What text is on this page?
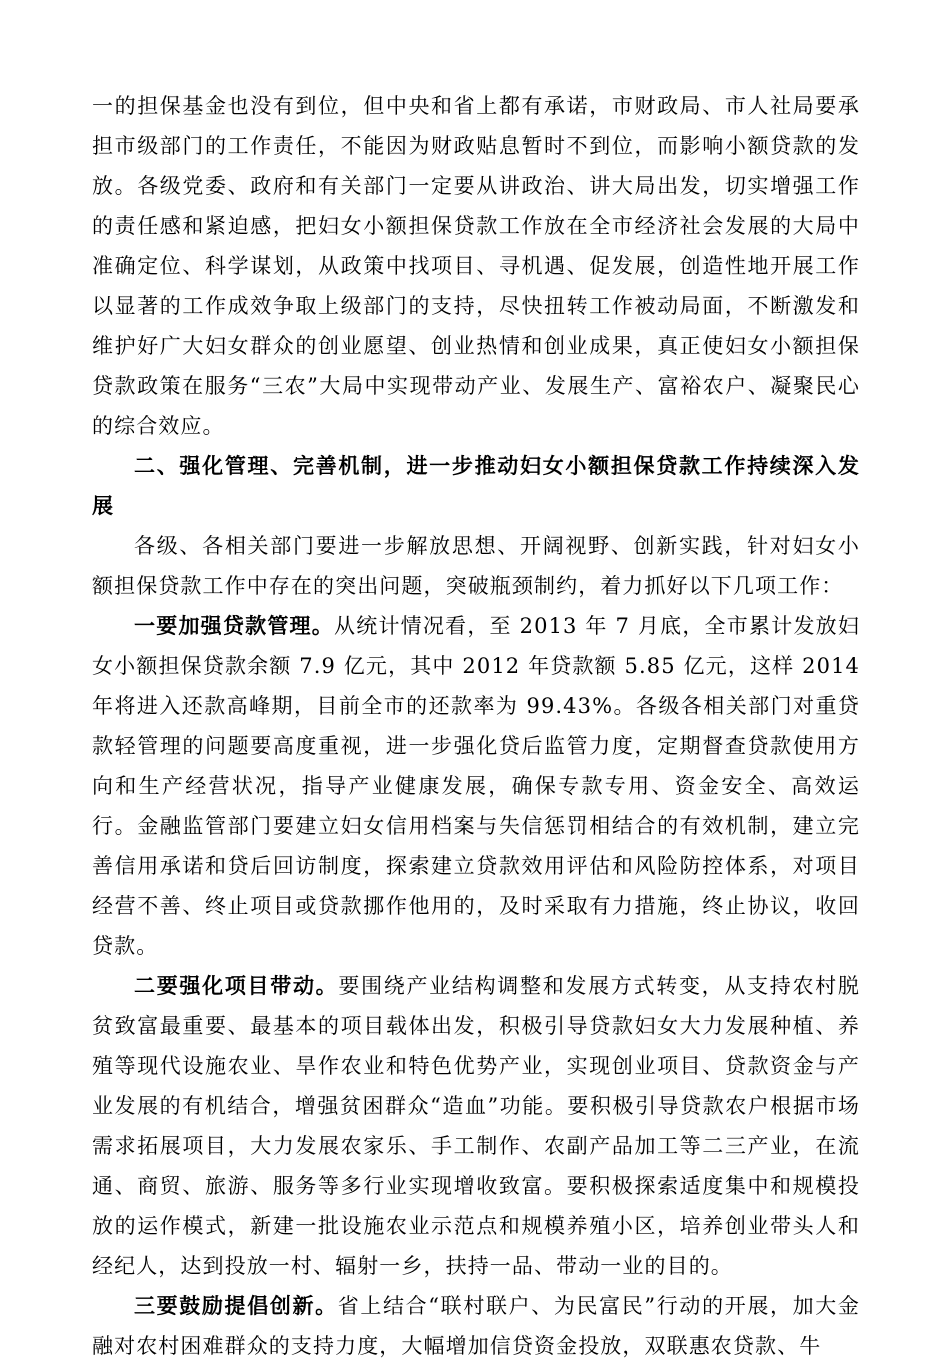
一的担保基金也没有到位，但中央和省上都有承诺，市财政局、市人社局要承担市级部门的工作责任，不能因为财政贴息暂时不到位，而影响小额贷款的发放。各级党委、政府和有关部门一定要从讲政治、讲大局出发，切实增强工作的责任感和紧迫感，把妇女小额担保贷款工作放在全市经济社会发展的大局中准确定位、科学谋划，从政策中找项目、寻机遇、促发展，创造性地开展工作以显著的工作成效争取上级部门的支持，尽快扭转工作被动局面，不断激发和维护好广大妇女群众的创业愿望、创业热情和创业成果，真正使妇女小额担保贷款政策在服务“三农”大局中实现带动产业、发展生产、富裕农户、凝聚民心的综合效应。

二、强化管理、完善机制，进一步推动妇女小额担保贷款工作持续深入发展

各级、各相关部门要进一步解放思想、开阔视野、创新实践，针对妇女小额担保贷款工作中存在的突出问题，突破瓶颈制约，着力抓好以下几项工作：

一要加强贷款管理。从统计情况看，至 2013 年 7 月底，全市累计发放妇女小额担保贷款余额 7.9 亿元，其中 2012 年贷款额 5.85 亿元，这样 2014 年将进入还款高峰期，目前全市的还款率为 99.43%。各级各相关部门对重贷款轻管理的问题要高度重视，进一步强化贷后监管力度，定期督查贷款使用方向和生产经营状况，指导产业健康发展，确保专款专用、资金安全、高效运行。金融监管部门要建立妇女信用档案与失信惩罚相结合的有效机制，建立完善信用承诺和贷后回访制度，探索建立贷款效用评估和风险防控体系，对项目经营不善、终止项目或贷款挪作他用的，及时采取有力措施，终止协议，收回贷款。

二要强化项目带动。要围绕产业结构调整和发展方式转变，从支持农村脱贫致富最重要、最基本的项目载体出发，积极引导贷款妇女大力发展种植、养殖等现代设施农业、旱作农业和特色优势产业，实现创业项目、贷款资金与产业发展的有机结合，增强贫困群众“造血”功能。要积极引导贷款农户根据市场需求拓展项目，大力发展农家乐、手工制作、农副产品加工等二三产业，在流通、商贸、旅游、服务等多行业实现增收致富。要积极探索适度集中和规模投放的运作模式，新建一批设施农业示范点和规模养殖小区，培养创业带头人和经纪人，达到投放一村、辐射一乡，扶持一品、带动一业的目的。

三要鼓励提倡创新。省上结合“联村联户、为民富民”行动的开展，加大金融对农村困难群众的支持力度，大幅增加信贷资金投放，双联惠农贷款、牛
